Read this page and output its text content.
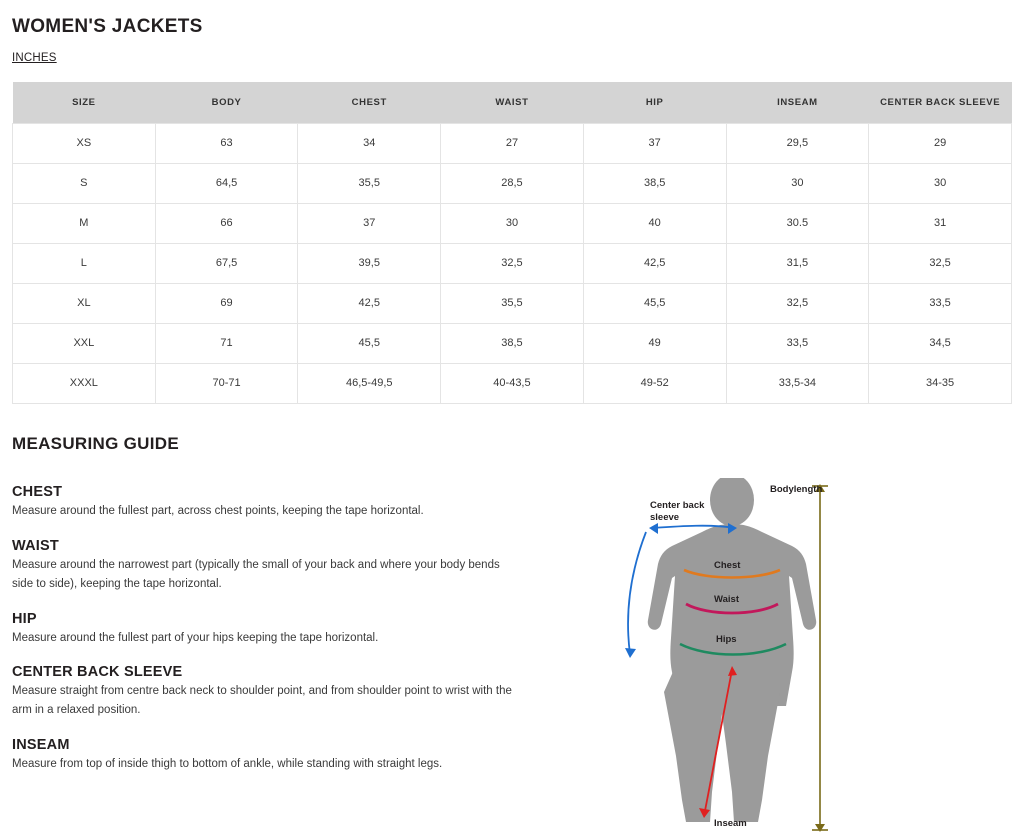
WOMEN'S JACKETS
INCHES
SIZE	BODY	CHEST	WAIST	HIP	INSEAM	CENTER BACK SLEEVE
XS	63	34	27	37	29,5	29
S	64,5	35,5	28,5	38,5	30	30
M	66	37	30	40	30.5	31
L	67,5	39,5	32,5	42,5	31,5	32,5
XL	69	42,5	35,5	45,5	32,5	33,5
XXL	71	45,5	38,5	49	33,5	34,5
XXXL	70-71	46,5-49,5	40-43,5	49-52	33,5-34	34-35
MEASURING GUIDE
CHEST

Measure around the fullest part, across chest points, keeping the tape horizontal.

WAIST

Measure around the narrowest part (typically the small of your back and where your body bends side to side), keeping the tape horizontal.

HIP

Measure around the fullest part of your hips keeping the tape horizontal.

CENTER BACK SLEEVE

Measure straight from centre back neck to shoulder point, and from shoulder point to wrist with the arm in a relaxed position.

INSEAM

Measure from top of inside thigh to bottom of ankle, while standing with straight legs.

Bodylength
Center back
sleeve
Chest
Waist
Hips
Inseam
